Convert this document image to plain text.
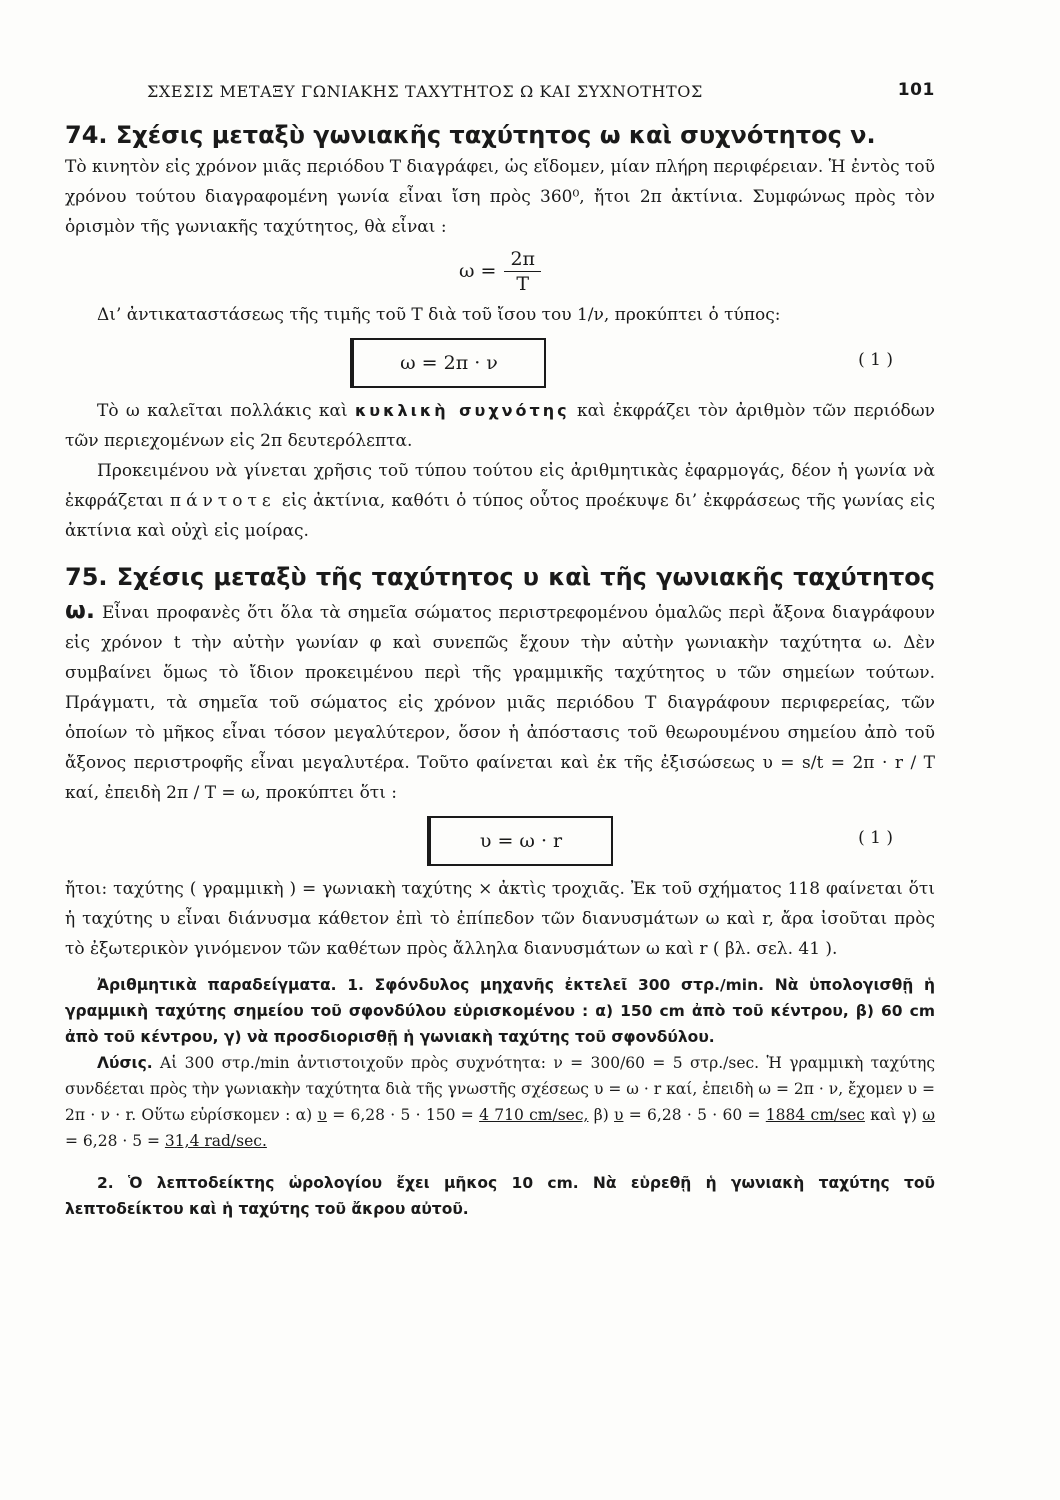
ΣΧΕΣΙΣ ΜΕΤΑΞΥ ΓΩΝΙΑΚΗΣ ΤΑΧΥΤΗΤΟΣ Ω ΚΑΙ ΣΥΧΝΟΤΗΤΟΣ	101

74. Σχέσις μεταξὺ γωνιακῆς ταχύτητος ω καὶ συχνότητος ν.

Τὸ κινητὸν εἰς χρόνον μιᾶς περιόδου Τ διαγράφει, ὡς εἴδομεν, μίαν πλήρη περιφέρειαν. Ἡ ἐντὸς τοῦ χρόνου τούτου διαγραφομένη γωνία εἶναι ἴση πρὸς 360⁰, ἤτοι 2π ἀκτίνια. Συμφώνως πρὸς τὸν ὁρισμὸν τῆς γωνιακῆς ταχύτητος, θὰ εἶναι :

$\omega = \frac{2\pi}{T}$

Δι’ ἀντικαταστάσεως τῆς τιμῆς τοῦ Τ διὰ τοῦ ἴσου του 1/ν, προκύπτει ὁ τύπος:

ω = 2π · ν	( 1 )

Τὸ ω καλεῖται πολλάκις καὶ κυκλικὴ συχνότης καὶ ἐκφράζει τὸν ἀριθμὸν τῶν περιόδων τῶν περιεχομένων εἰς 2π δευτερόλεπτα.

Προκειμένου νὰ γίνεται χρῆσις τοῦ τύπου τούτου εἰς ἀριθμητικὰς ἐφαρμογάς, δέον ἡ γωνία νὰ ἐκφράζεται πάντοτε εἰς ἀκτίνια, καθότι ὁ τύπος οὗτος προέκυψε δι’ ἐκφράσεως τῆς γωνίας εἰς ἀκτίνια καὶ οὐχὶ εἰς μοίρας.

75. Σχέσις μεταξὺ τῆς ταχύτητος υ καὶ τῆς γωνιακῆς ταχύτητος ω. Εἶναι προφανὲς ὅτι ὅλα τὰ σημεῖα σώματος περιστρεφομένου ὁμαλῶς περὶ ἄξονα διαγράφουν εἰς χρόνον t τὴν αὐτὴν γωνίαν φ καὶ συνεπῶς ἔχουν τὴν αὐτὴν γωνιακὴν ταχύτητα ω. Δὲν συμβαίνει ὅμως τὸ ἴδιον προκειμένου περὶ τῆς γραμμικῆς ταχύτητος υ τῶν σημείων τούτων. Πράγματι, τὰ σημεῖα τοῦ σώματος εἰς χρόνον μιᾶς περιόδου Τ διαγράφουν περιφερείας, τῶν ὁποίων τὸ μῆκος εἶναι τόσον μεγαλύτερον, ὅσον ἡ ἀπόστασις τοῦ θεωρουμένου σημείου ἀπὸ τοῦ ἄξονος περιστροφῆς εἶναι μεγαλυτέρα. Τοῦτο φαίνεται καὶ ἐκ τῆς ἐξισώσεως υ = s/t = 2π · r / Τ καί, ἐπειδὴ 2π / Τ = ω, προκύπτει ὅτι :

υ = ω · r	( 1 )

ἤτοι: ταχύτης ( γραμμικὴ ) = γωνιακὴ ταχύτης × ἀκτὶς τροχιᾶς. Ἐκ τοῦ σχήματος 118 φαίνεται ὅτι ἡ ταχύτης υ εἶναι διάνυσμα κάθετον ἐπὶ τὸ ἐπίπεδον τῶν διανυσμάτων ω καὶ r, ἄρα ἰσοῦται πρὸς τὸ ἐξωτερικὸν γινόμενον τῶν καθέτων πρὸς ἄλληλα διανυσμάτων ω καὶ r ( βλ. σελ. 41 ).

Ἀριθμητικὰ παραδείγματα. 1. Σφόνδυλος μηχανῆς ἐκτελεῖ 300 στρ./min. Νὰ ὑπολογισθῇ ἡ γραμμικὴ ταχύτης σημείου τοῦ σφονδύλου εὑρισκομένου : α) 150 cm ἀπὸ τοῦ κέντρου, β) 60 cm ἀπὸ τοῦ κέντρου, γ) νὰ προσδιορισθῇ ἡ γωνιακὴ ταχύτης τοῦ σφονδύλου.

Λύσις. Αἱ 300 στρ./min ἀντιστοιχοῦν πρὸς συχνότητα: ν = 300/60 = 5 στρ./sec. Ἡ γραμμικὴ ταχύτης συνδέεται πρὸς τὴν γωνιακὴν ταχύτητα διὰ τῆς γνωστῆς σχέσεως υ = ω · r καί, ἐπειδὴ ω = 2π · ν, ἔχομεν υ = 2π · ν · r. Οὕτω εὑρίσκομεν : α) υ = 6,28 · 5 · 150 = 4 710 cm/sec, β) υ = 6,28 · 5 · 60 = 1884 cm/sec καὶ γ) ω = 6,28 · 5 = 31,4 rad/sec.

2. Ὁ λεπτοδείκτης ὡρολογίου ἔχει μῆκος 10 cm. Νὰ εὑρεθῇ ἡ γωνιακὴ ταχύτης τοῦ λεπτοδείκτου καὶ ἡ ταχύτης τοῦ ἄκρου αὐτοῦ.
